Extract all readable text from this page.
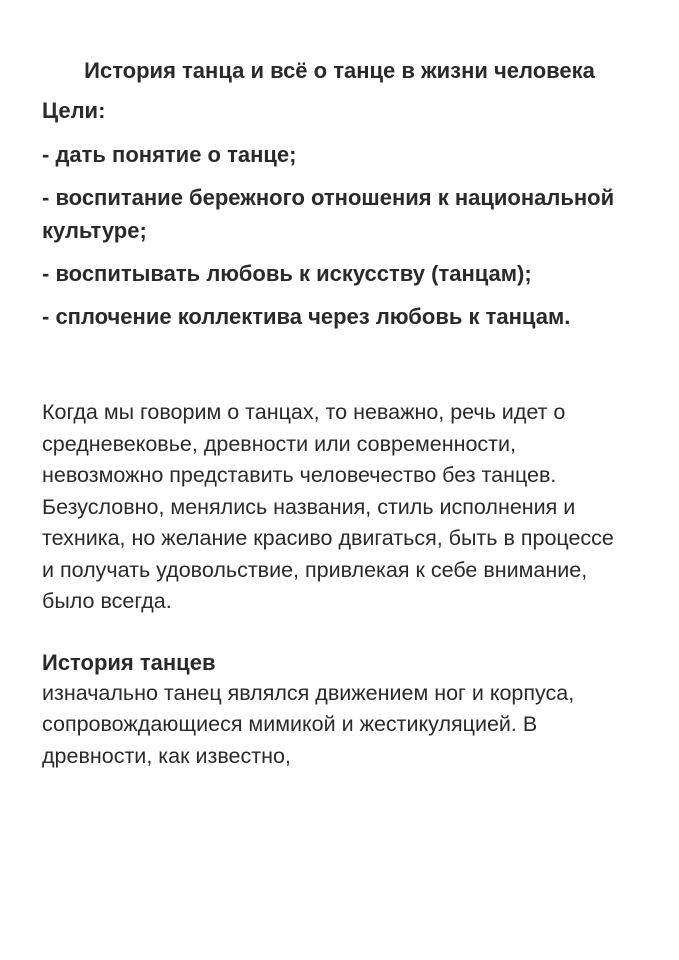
История танца и всё о танце в жизни человека
Цели:
- дать понятие о танце;
- воспитание бережного отношения к национальной культуре;
- воспитывать любовь к искусству (танцам);
- сплочение коллектива через любовь к танцам.

Когда мы говорим о танцах, то неважно, речь идет о средневековье, древности или современности, невозможно представить человечество без танцев. Безусловно, менялись названия, стиль исполнения и техника, но желание красиво двигаться, быть в процессе и получать удовольствие, привлекая к себе внимание, было всегда.

История танцев

изначально танец являлся движением ног и корпуса, сопровождающиеся мимикой и жестикуляцией. В древности, как известно,
